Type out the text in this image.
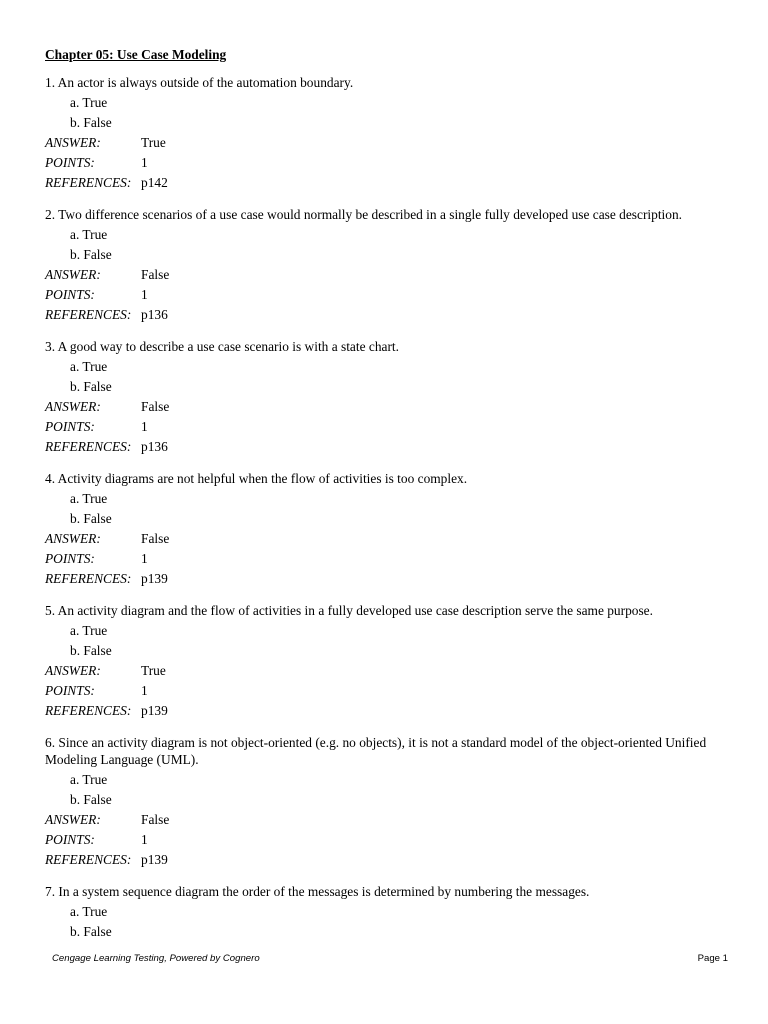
Chapter 05: Use Case Modeling
1. An actor is always outside of the automation boundary.
a. True
b. False
ANSWER:	True
POINTS:	1
REFERENCES: p142
2. Two difference scenarios of a use case would normally be described in a single fully developed use case description.
a. True
b. False
ANSWER:	False
POINTS:	1
REFERENCES: p136
3. A good way to describe a use case scenario is with a state chart.
a. True
b. False
ANSWER:	False
POINTS:	1
REFERENCES: p136
4. Activity diagrams are not helpful when the flow of activities is too complex.
a. True
b. False
ANSWER:	False
POINTS:	1
REFERENCES: p139
5. An activity diagram and the flow of activities in a fully developed use case description serve the same purpose.
a. True
b. False
ANSWER:	True
POINTS:	1
REFERENCES: p139
6. Since an activity diagram is not object-oriented (e.g. no objects), it is not a standard model of the object-oriented Unified Modeling Language (UML).
a. True
b. False
ANSWER:	False
POINTS:	1
REFERENCES: p139
7. In a system sequence diagram the order of the messages is determined by numbering the messages.
a. True
b. False
Cengage Learning Testing, Powered by Cognero	Page 1
